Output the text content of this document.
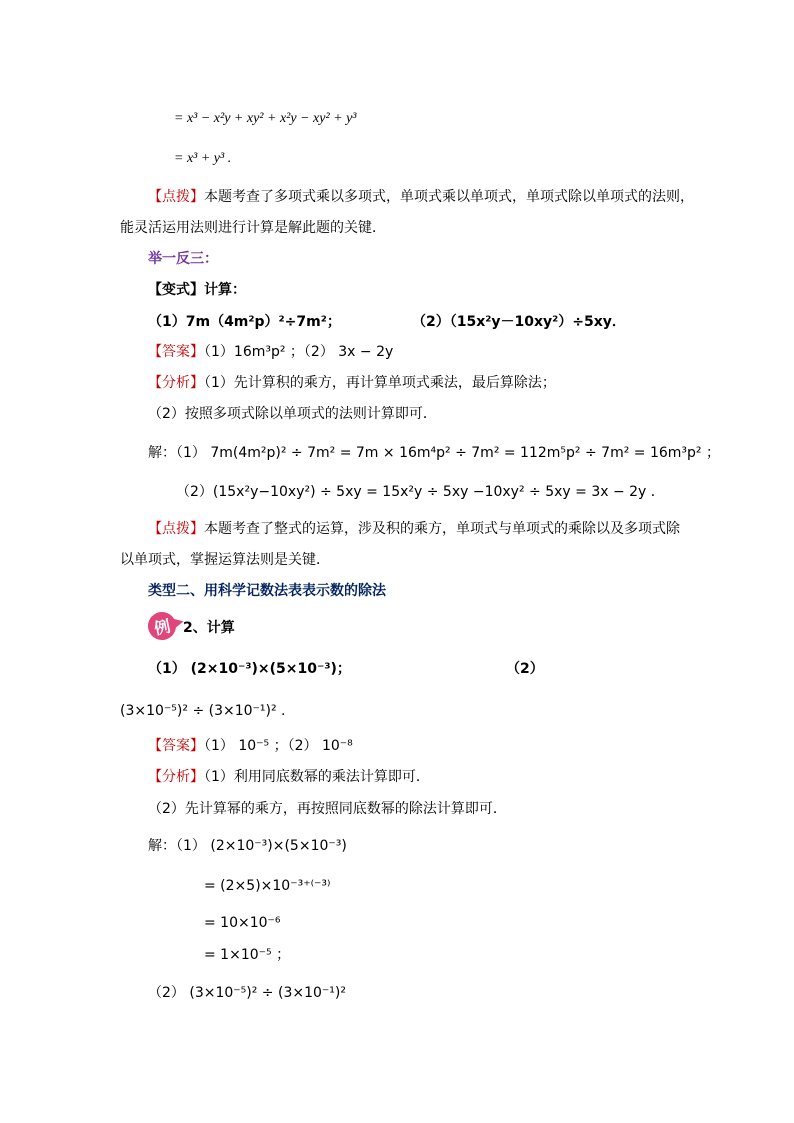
= x³ − x²y + xy² + x²y − xy² + y³
= x³ + y³ .
【点拨】本题考查了多项式乘以多项式，单项式乘以单项式，单项式除以单项式的法则，
能灵活运用法则进行计算是解此题的关键．
举一反三：
【变式】计算：
（1）7m（4m²p）²÷7m²；	（2）（15x²y－10xy²）÷5xy．
【答案】（1）16m³p² ；（2） 3x − 2y
【分析】（1）先计算积的乘方，再计算单项式乘法，最后算除法；
（2）按照多项式除以单项式的法则计算即可．
解：（1） 7m(4m²p)² ÷ 7m² = 7m × 16m⁴p² ÷ 7m² = 112m⁵p² ÷ 7m² = 16m³p² ；
（2）(15x²y−10xy²) ÷ 5xy = 15x²y ÷ 5xy −10xy² ÷ 5xy = 3x − 2y ．
【点拨】本题考查了整式的运算，涉及积的乘方，单项式与单项式的乘除以及多项式除
以单项式，掌握运算法则是关键．
类型二、用科学记数法表表示数的除法
例 2、计算
（1） (2×10⁻³)×(5×10⁻³)；	（2）
(3×10⁻⁵)² ÷ (3×10⁻¹)² .
【答案】（1） 10⁻⁵ ；（2） 10⁻⁸
【分析】（1）利用同底数幂的乘法计算即可．
（2）先计算幂的乘方，再按照同底数幂的除法计算即可．
解：（1） (2×10⁻³)×(5×10⁻³)
= (2×5)×10⁻³⁺⁽⁻³⁾
= 10×10⁻⁶
= 1×10⁻⁵ ；
（2） (3×10⁻⁵)² ÷ (3×10⁻¹)²
